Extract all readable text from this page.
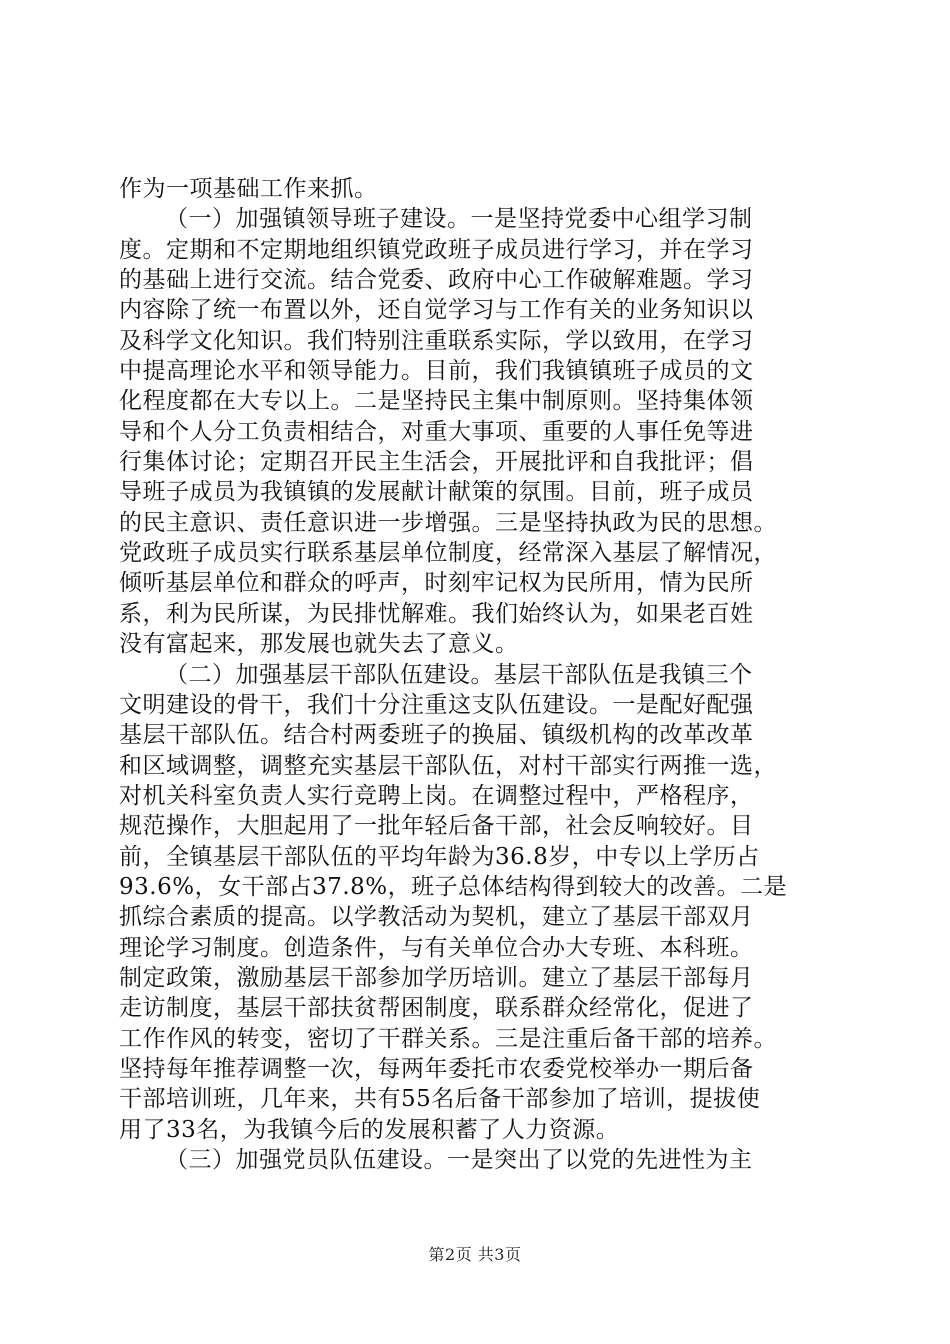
作为一项基础工作来抓。
（一）加强镇领导班子建设。一是坚持党委中心组学习制
度。定期和不定期地组织镇党政班子成员进行学习，并在学习
的基础上进行交流。结合党委、政府中心工作破解难题。学习
内容除了统一布置以外，还自觉学习与工作有关的业务知识以
及科学文化知识。我们特别注重联系实际，学以致用，在学习
中提高理论水平和领导能力。目前，我们我镇镇班子成员的文
化程度都在大专以上。二是坚持民主集中制原则。坚持集体领
导和个人分工负责相结合，对重大事项、重要的人事任免等进
行集体讨论；定期召开民主生活会，开展批评和自我批评；倡
导班子成员为我镇镇的发展献计献策的氛围。目前，班子成员
的民主意识、责任意识进一步增强。三是坚持执政为民的思想。
党政班子成员实行联系基层单位制度，经常深入基层了解情况，
倾听基层单位和群众的呼声，时刻牢记权为民所用，情为民所
系，利为民所谋，为民排忧解难。我们始终认为，如果老百姓
没有富起来，那发展也就失去了意义。
（二）加强基层干部队伍建设。基层干部队伍是我镇三个
文明建设的骨干，我们十分注重这支队伍建设。一是配好配强
基层干部队伍。结合村两委班子的换届、镇级机构的改革改革
和区域调整，调整充实基层干部队伍，对村干部实行两推一选，
对机关科室负责人实行竞聘上岗。在调整过程中，严格程序，
规范操作，大胆起用了一批年轻后备干部，社会反响较好。目
前，全镇基层干部队伍的平均年龄为36.8岁，中专以上学历占
93.6%，女干部占37.8%，班子总体结构得到较大的改善。二是
抓综合素质的提高。以学教活动为契机，建立了基层干部双月
理论学习制度。创造条件，与有关单位合办大专班、本科班。
制定政策，激励基层干部参加学历培训。建立了基层干部每月
走访制度，基层干部扶贫帮困制度，联系群众经常化，促进了
工作作风的转变，密切了干群关系。三是注重后备干部的培养。
坚持每年推荐调整一次，每两年委托市农委党校举办一期后备
干部培训班，几年来，共有55名后备干部参加了培训，提拔使
用了33名，为我镇今后的发展积蓄了人力资源。
（三）加强党员队伍建设。一是突出了以党的先进性为主
第2页 共3页
